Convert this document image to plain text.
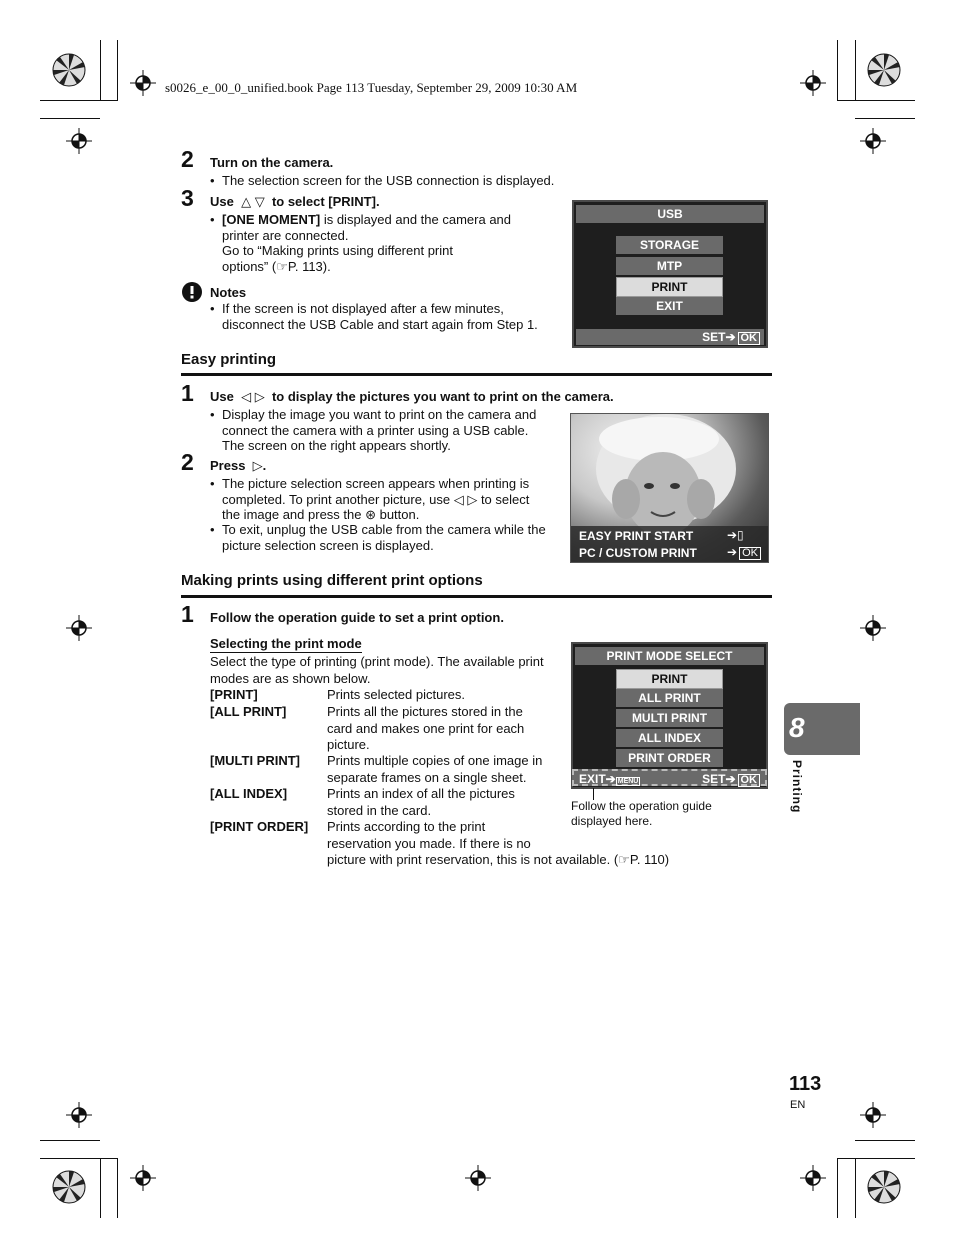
s0026_e_00_0_unified.book Page 113 Tuesday, September 29, 2009 10:30 AM
2 Turn on the camera.
• The selection screen for the USB connection is displayed.
3 Use △ ▽ to select [PRINT].
• [ONE MOMENT] is displayed and the camera and
printer are connected.
Go to “Making prints using different print
options” (☞P. 113).
Notes
• If the screen is not displayed after a few minutes,
disconnect the USB Cable and start again from Step 1.
USB
STORAGE
MTP
PRINT
EXIT
SET➔ OK
Easy printing
1 Use ◁ ▷ to display the pictures you want to print on the camera.
• Display the image you want to print on the camera and
connect the camera with a printer using a USB cable.
The screen on the right appears shortly.
2 Press ▷.
• The picture selection screen appears when printing is
completed. To print another picture, use ◁ ▷ to select
the image and press the ⊛ button.
• To exit, unplug the USB cable from the camera while the
picture selection screen is displayed.
EASY PRINT START
PC / CUSTOM PRINT
➔▯
➔ OK
Making prints using different print options
1 Follow the operation guide to set a print option.
Selecting the print mode
Select the type of printing (print mode). The available print
modes are as shown below.
[PRINT]	Prints selected pictures.
[ALL PRINT]	Prints all the pictures stored in the
card and makes one print for each
picture.
[MULTI PRINT] Prints multiple copies of one image in
separate frames on a single sheet.
[ALL INDEX]	Prints an index of all the pictures
stored in the card.
[PRINT ORDER] Prints according to the print
reservation you made. If there is no
picture with print reservation, this is not available. (☞P. 110)
PRINT MODE SELECT
PRINT
ALL PRINT
MULTI PRINT
ALL INDEX
PRINT ORDER
EXIT➔ MENU	SET➔ OK
Follow the operation guide
displayed here.
8
Printing
113
EN
